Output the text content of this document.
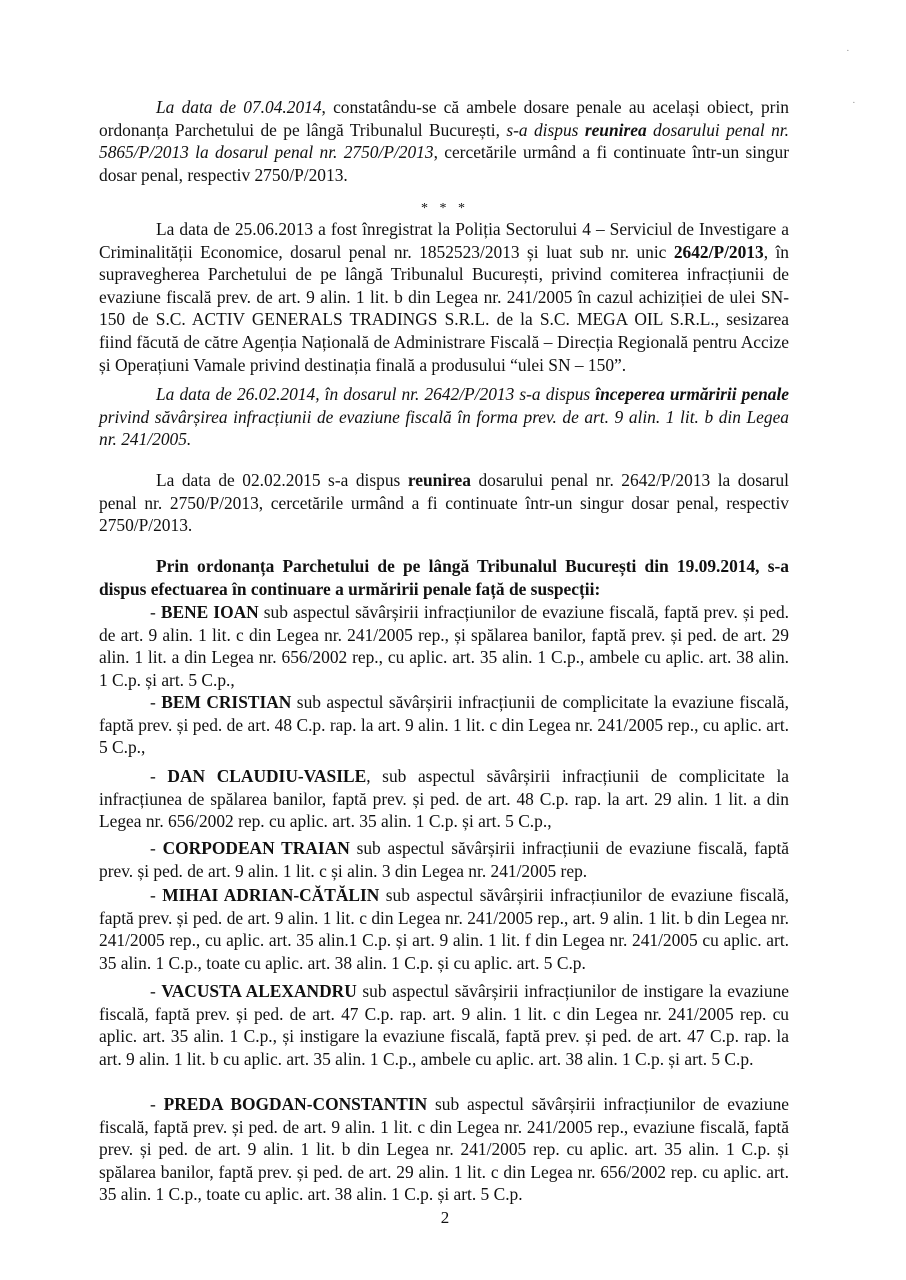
La data de 07.04.2014, constatându-se că ambele dosare penale au același obiect, prin ordonanța Parchetului de pe lângă Tribunalul București, s-a dispus reunirea dosarului penal nr. 5865/P/2013 la dosarul penal nr. 2750/P/2013, cercetările urmând a fi continuate într-un singur dosar penal, respectiv 2750/P/2013.

* * *

La data de 25.06.2013 a fost înregistrat la Poliția Sectorului 4 – Serviciul de Investigare a Criminalității Economice, dosarul penal nr. 1852523/2013 și luat sub nr. unic 2642/P/2013, în supravegherea Parchetului de pe lângă Tribunalul București, privind comiterea infracțiunii de evaziune fiscală prev. de art. 9 alin. 1 lit. b din Legea nr. 241/2005 în cazul achiziției de ulei SN-150 de S.C. ACTIV GENERALS TRADINGS S.R.L. de la S.C. MEGA OIL S.R.L., sesizarea fiind făcută de către Agenția Națională de Administrare Fiscală – Direcția Regională pentru Accize și Operațiuni Vamale privind destinația finală a produsului “ulei SN – 150”.

La data de 26.02.2014, în dosarul nr. 2642/P/2013 s-a dispus începerea urmăririi penale privind săvârșirea infracțiunii de evaziune fiscală în forma prev. de art. 9 alin. 1 lit. b din Legea nr. 241/2005.

La data de 02.02.2015 s-a dispus reunirea dosarului penal nr. 2642/P/2013 la dosarul penal nr. 2750/P/2013, cercetările urmând a fi continuate într-un singur dosar penal, respectiv 2750/P/2013.

Prin ordonanța Parchetului de pe lângă Tribunalul București din 19.09.2014, s-a dispus efectuarea în continuare a urmăririi penale față de suspecții:

- BENE IOAN sub aspectul săvârșirii infracțiunilor de evaziune fiscală, faptă prev. și ped. de art. 9 alin. 1 lit. c din Legea nr. 241/2005 rep., și spălarea banilor, faptă prev. și ped. de art. 29 alin. 1 lit. a din Legea nr. 656/2002 rep., cu aplic. art. 35 alin. 1 C.p., ambele cu aplic. art. 38 alin. 1 C.p. și art. 5 C.p.,

- BEM CRISTIAN sub aspectul săvârșirii infracțiunii de complicitate la evaziune fiscală, faptă prev. și ped. de art. 48 C.p. rap. la art. 9 alin. 1 lit. c din Legea nr. 241/2005 rep., cu aplic. art. 5 C.p.,

- DAN CLAUDIU-VASILE, sub aspectul săvârșirii infracțiunii de complicitate la infracțiunea de spălarea banilor, faptă prev. și ped. de art. 48 C.p. rap. la art. 29 alin. 1 lit. a din Legea nr. 656/2002 rep. cu aplic. art. 35 alin. 1 C.p. și art. 5 C.p.,

- CORPODEAN TRAIAN sub aspectul săvârșirii infracțiunii de evaziune fiscală, faptă prev. și ped. de art. 9 alin. 1 lit. c și alin. 3 din Legea nr. 241/2005 rep.

- MIHAI ADRIAN-CĂTĂLIN sub aspectul săvârșirii infracțiunilor de evaziune fiscală, faptă prev. și ped. de art. 9 alin. 1 lit. c din Legea nr. 241/2005 rep., art. 9 alin. 1 lit. b din Legea nr. 241/2005 rep., cu aplic. art. 35 alin.1 C.p. și art. 9 alin. 1 lit. f din Legea nr. 241/2005 cu aplic. art. 35 alin. 1 C.p., toate cu aplic. art. 38 alin. 1 C.p. și cu aplic. art. 5 C.p.

- VACUSTA ALEXANDRU sub aspectul săvârșirii infracțiunilor de instigare la evaziune fiscală, faptă prev. și ped. de art. 47 C.p. rap. art. 9 alin. 1 lit. c din Legea nr. 241/2005 rep. cu aplic. art. 35 alin. 1 C.p., și instigare la evaziune fiscală, faptă prev. și ped. de art. 47 C.p. rap. la art. 9 alin. 1 lit. b cu aplic. art. 35 alin. 1 C.p., ambele cu aplic. art. 38 alin. 1 C.p. și art. 5 C.p.

- PREDA BOGDAN-CONSTANTIN sub aspectul săvârșirii infracțiunilor de evaziune fiscală, faptă prev. și ped. de art. 9 alin. 1 lit. c din Legea nr. 241/2005 rep., evaziune fiscală, faptă prev. și ped. de art. 9 alin. 1 lit. b din Legea nr. 241/2005 rep. cu aplic. art. 35 alin. 1 C.p. și spălarea banilor, faptă prev. și ped. de art. 29 alin. 1 lit. c din Legea nr. 656/2002 rep. cu aplic. art. 35 alin. 1 C.p., toate cu aplic. art. 38 alin. 1 C.p. și art. 5 C.p.

2
·
·
